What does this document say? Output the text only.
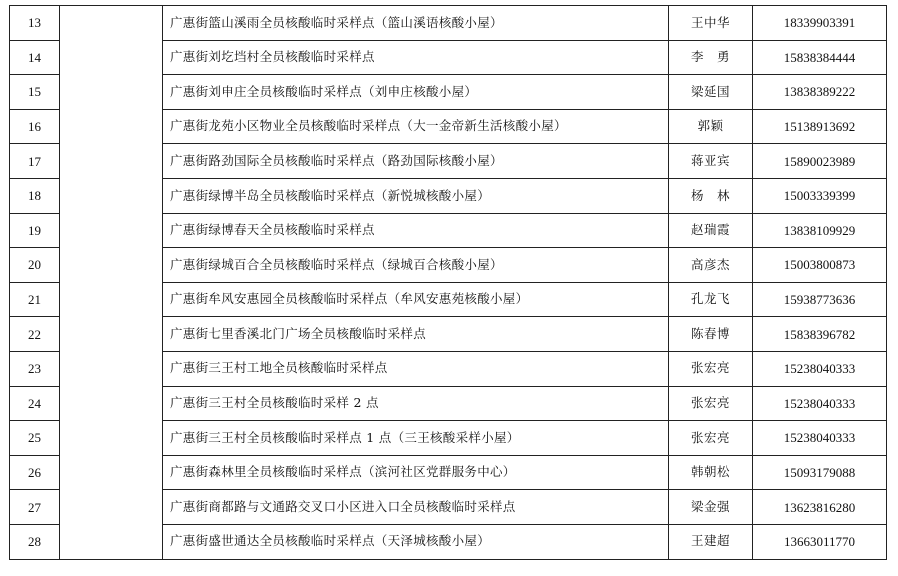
13		广惠街篮山溪雨全员核酸临时采样点（篮山溪语核酸小屋）	王中华	18339903391
14		广惠街刘圪垱村全员核酸临时采样点	李　勇	15838384444
15		广惠街刘申庄全员核酸临时采样点（刘申庄核酸小屋）	梁延国	13838389222
16		广惠街龙苑小区物业全员核酸临时采样点（大一金帝新生活核酸小屋）	郭颖	15138913692
17		广惠街路劲国际全员核酸临时采样点（路劲国际核酸小屋）	蒋亚宾	15890023989
18		广惠街绿博半岛全员核酸临时采样点（新悦城核酸小屋）	杨　林	15003339399
19		广惠街绿博春天全员核酸临时采样点	赵瑞霞	13838109929
20		广惠街绿城百合全员核酸临时采样点（绿城百合核酸小屋）	高彦杰	15003800873
21		广惠街牟风安惠园全员核酸临时采样点（牟风安惠苑核酸小屋）	孔龙飞	15938773636
22		广惠街七里香溪北门广场全员核酸临时采样点	陈春博	15838396782
23		广惠街三王村工地全员核酸临时采样点	张宏亮	15238040333
24		广惠街三王村全员核酸临时采样 2 点	张宏亮	15238040333
25		广惠街三王村全员核酸临时采样点 1 点（三王核酸采样小屋）	张宏亮	15238040333
26		广惠街森林里全员核酸临时采样点（滨河社区党群服务中心）	韩朝松	15093179088
27		广惠街商都路与文通路交叉口小区进入口全员核酸临时采样点	梁金强	13623816280
28		广惠街盛世通达全员核酸临时采样点（天泽城核酸小屋）	王建超	13663011770
